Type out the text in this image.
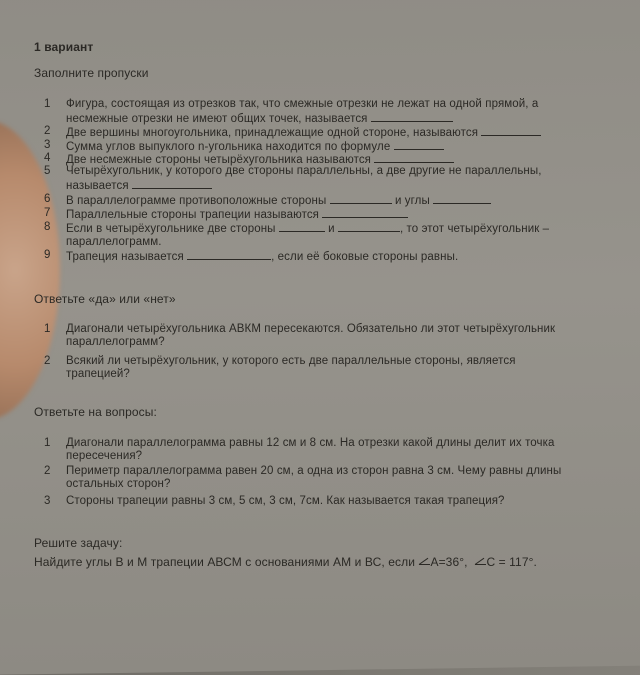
1 вариант
Заполните пропуски
1 Фигура, состоящая из отрезков так, что смежные отрезки не лежат на одной прямой, а
несмежные отрезки не имеют общих точек, называется
2 Две вершины многоугольника, принадлежащие одной стороне, называются
3 Сумма углов выпуклого n-угольника находится по формуле
4 Две несмежные стороны четырёхугольника называются
5 Четырёхугольник, у которого две стороны параллельны, а две другие не параллельны,
называется
6 В параллелограмме противоположные стороны	и углы
7 Параллельные стороны трапеции называются
8 Если в четырёхугольнике две стороны	и	, то этот четырёхугольник –
параллелограмм.
9 Трапеция называется	, если её боковые стороны равны.
Ответьте «да» или «нет»
1 Диагонали четырёхугольника АВКМ пересекаются. Обязательно ли этот четырёхугольник
параллелограмм?
2 Всякий ли четырёхугольник, у которого есть две параллельные стороны, является
трапецией?
Ответьте на вопросы:
1 Диагонали параллелограмма равны 12 см и 8 см. На отрезки какой длины делит их точка
пересечения?
2 Периметр параллелограмма равен 20 см, а одна из сторон равна 3 см. Чему равны длины
остальных сторон?
3 Стороны трапеции равны 3 см, 5 см, 3 см, 7см. Как называется такая трапеция?
Решите задачу:
Найдите углы В и М трапеции АВСМ с основаниями АМ и ВС, если А=36°, С = 117°.
